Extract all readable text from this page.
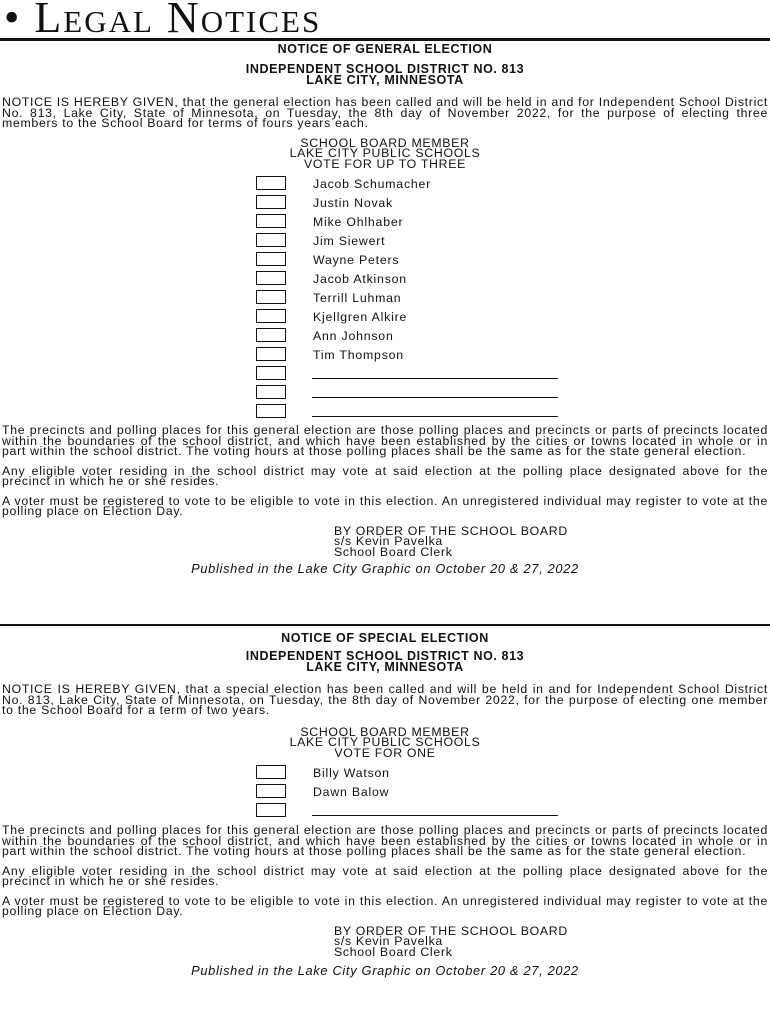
• Legal Notices
NOTICE OF GENERAL ELECTION
INDEPENDENT SCHOOL DISTRICT NO. 813
LAKE CITY, MINNESOTA

NOTICE IS HEREBY GIVEN, that the general election has been called and will be held in and for Independent School District No. 813, Lake City, State of Minnesota, on Tuesday, the 8th day of November 2022, for the purpose of electing three members to the School Board for terms of fours years each.

SCHOOL BOARD MEMBER
LAKE CITY PUBLIC SCHOOLS
VOTE FOR UP TO THREE
Jacob Schumacher
Justin Novak
Mike Ohlhaber
Jim Siewert
Wayne Peters
Jacob Atkinson
Terrill Luhman
Kjellgren Alkire
Ann Johnson
Tim Thompson

The precincts and polling places for this general election are those polling places and precincts or parts of precincts located within the boundaries of the school district, and which have been established by the cities or towns located in whole or in part within the school district. The voting hours at those polling places shall be the same as for the state general election.

Any eligible voter residing in the school district may vote at said election at the polling place designated above for the precinct in which he or she resides.

A voter must be registered to vote to be eligible to vote in this election. An unregistered individual may register to vote at the polling place on Election Day.

BY ORDER OF THE SCHOOL BOARD
s/s Kevin Pavelka
School Board Clerk
Published in the Lake City Graphic on October 20 & 27, 2022
NOTICE OF SPECIAL ELECTION
INDEPENDENT SCHOOL DISTRICT NO. 813
LAKE CITY, MINNESOTA

NOTICE IS HEREBY GIVEN, that a special election has been called and will be held in and for Independent School District No. 813, Lake City, State of Minnesota, on Tuesday, the 8th day of November 2022, for the purpose of electing one member to the School Board for a term of two years.

SCHOOL BOARD MEMBER
LAKE CITY PUBLIC SCHOOLS
VOTE FOR ONE
Billy Watson
Dawn Balow

The precincts and polling places for this general election are those polling places and precincts or parts of precincts located within the boundaries of the school district, and which have been established by the cities or towns located in whole or in part within the school district. The voting hours at those polling places shall be the same as for the state general election.

Any eligible voter residing in the school district may vote at said election at the polling place designated above for the precinct in which he or she resides.

A voter must be registered to vote to be eligible to vote in this election. An unregistered individual may register to vote at the polling place on Election Day.

BY ORDER OF THE SCHOOL BOARD
s/s Kevin Pavelka
School Board Clerk
Published in the Lake City Graphic on October 20 & 27, 2022
